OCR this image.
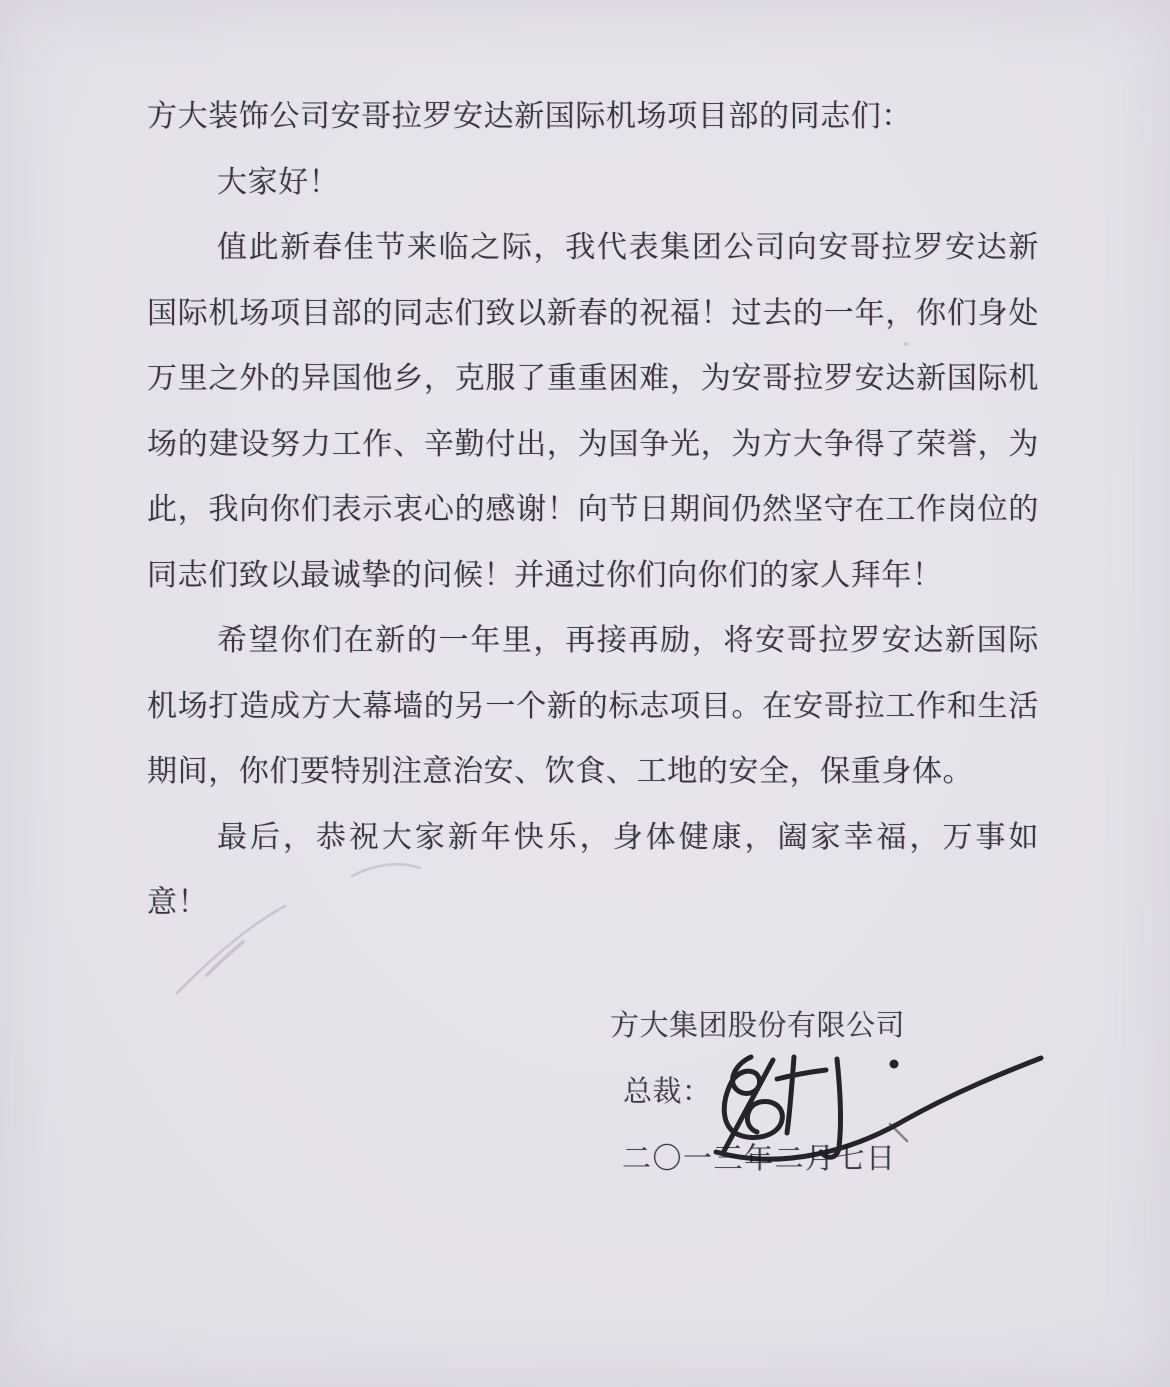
方大装饰公司安哥拉罗安达新国际机场项目部的同志们：

大家好！

值此新春佳节来临之际，我代表集团公司向安哥拉罗安达新国际机场项目部的同志们致以新春的祝福！过去的一年，你们身处万里之外的异国他乡，克服了重重困难，为安哥拉罗安达新国际机场的建设努力工作、辛勤付出，为国争光，为方大争得了荣誉，为此，我向你们表示衷心的感谢！向节日期间仍然坚守在工作岗位的同志们致以最诚挚的问候！并通过你们向你们的家人拜年！

希望你们在新的一年里，再接再励，将安哥拉罗安达新国际机场打造成方大幕墙的另一个新的标志项目。在安哥拉工作和生活期间，你们要特别注意治安、饮食、工地的安全，保重身体。

最后，恭祝大家新年快乐，身体健康，阖家幸福，万事如意！

方大集团股份有限公司
总裁：
二〇一三年二月七日
